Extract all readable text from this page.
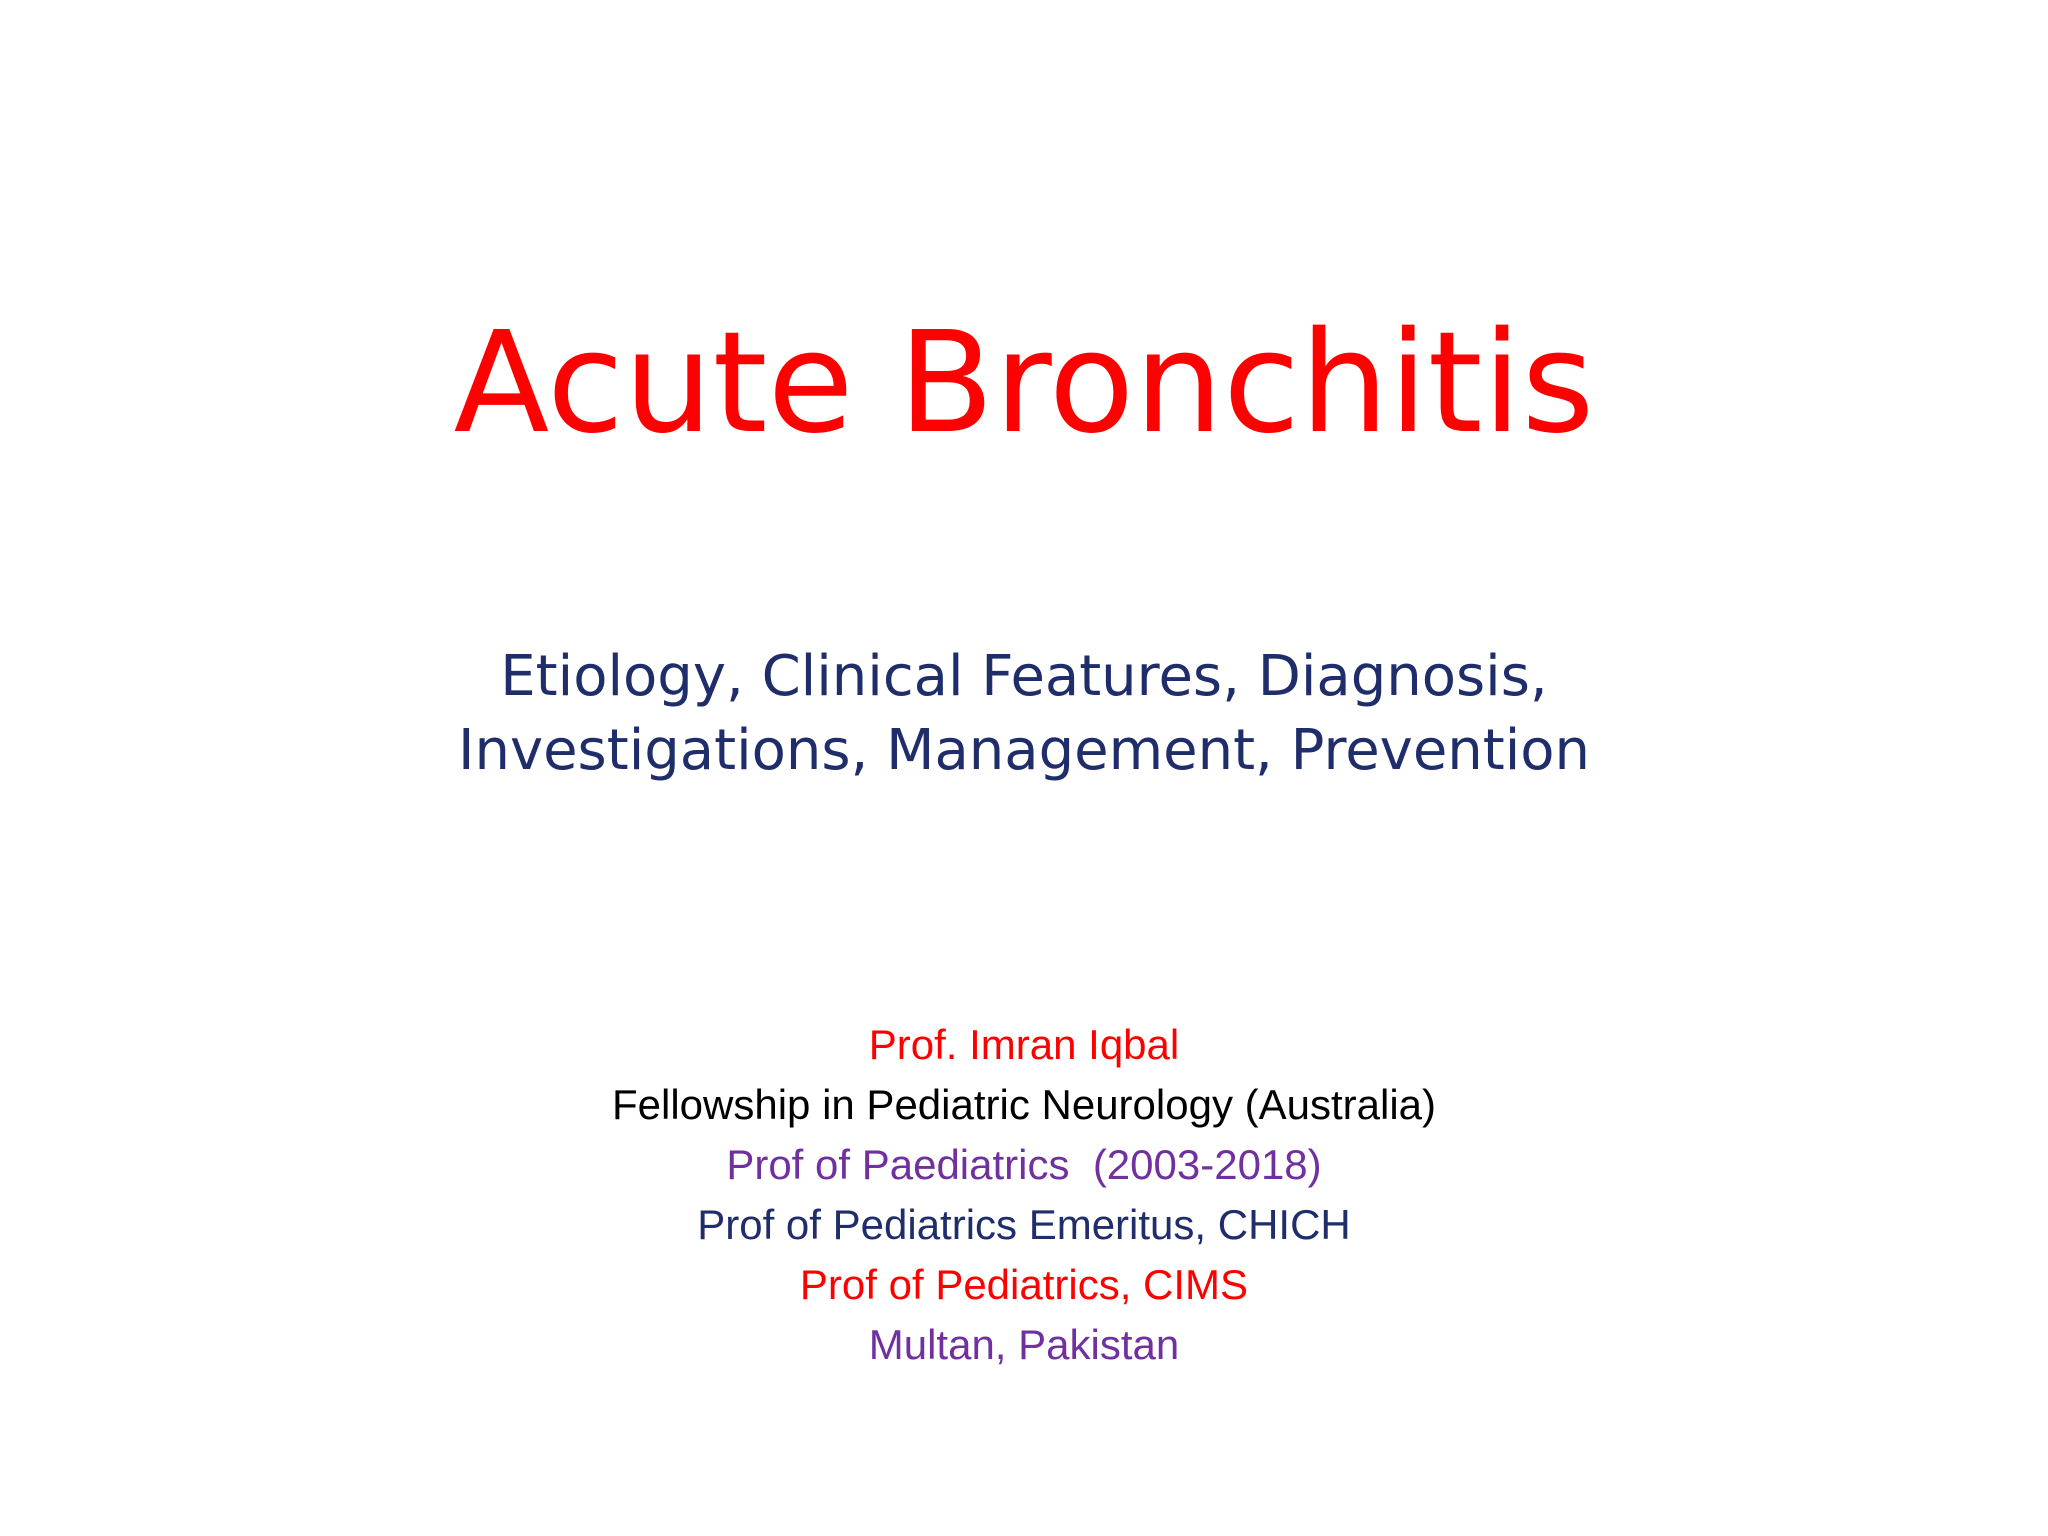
Acute Bronchitis
Etiology, Clinical Features, Diagnosis,
Investigations, Management, Prevention
Prof. Imran Iqbal
Fellowship in Pediatric Neurology (Australia)
Prof of Paediatrics  (2003-2018)
Prof of Pediatrics Emeritus, CHICH
Prof of Pediatrics, CIMS
Multan, Pakistan
